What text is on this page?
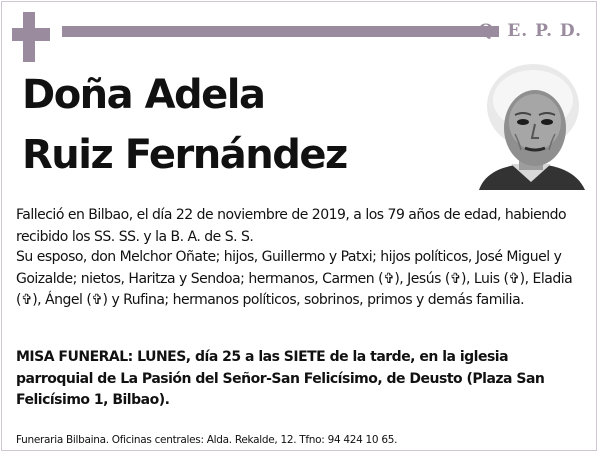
Q. E. P. D.
Doña Adela
Ruiz Fernández

Falleció en Bilbao, el día 22 de noviembre de 2019, a los 79 años de edad, habiendo recibido los SS. SS. y la B. A. de S. S.

Su esposo, don Melchor Oñate; hijos, Guillermo y Patxi; hijos políticos, José Miguel y Goizalde; nietos, Haritza y Sendoa; hermanos, Carmen (✞), Jesús (✞), Luis (✞), Eladia (✞), Ángel (✞) y Rufina; hermanos políticos, sobrinos, primos y demás familia.

MISA FUNERAL: LUNES, día 25 a las SIETE de la tarde, en la iglesia parroquial de La Pasión del Señor-San Felicísimo, de Deusto (Plaza San Felicísimo 1, Bilbao).

Funeraria Bilbaina. Oficinas centrales: Alda. Rekalde, 12. Tfno: 94 424 10 65.
